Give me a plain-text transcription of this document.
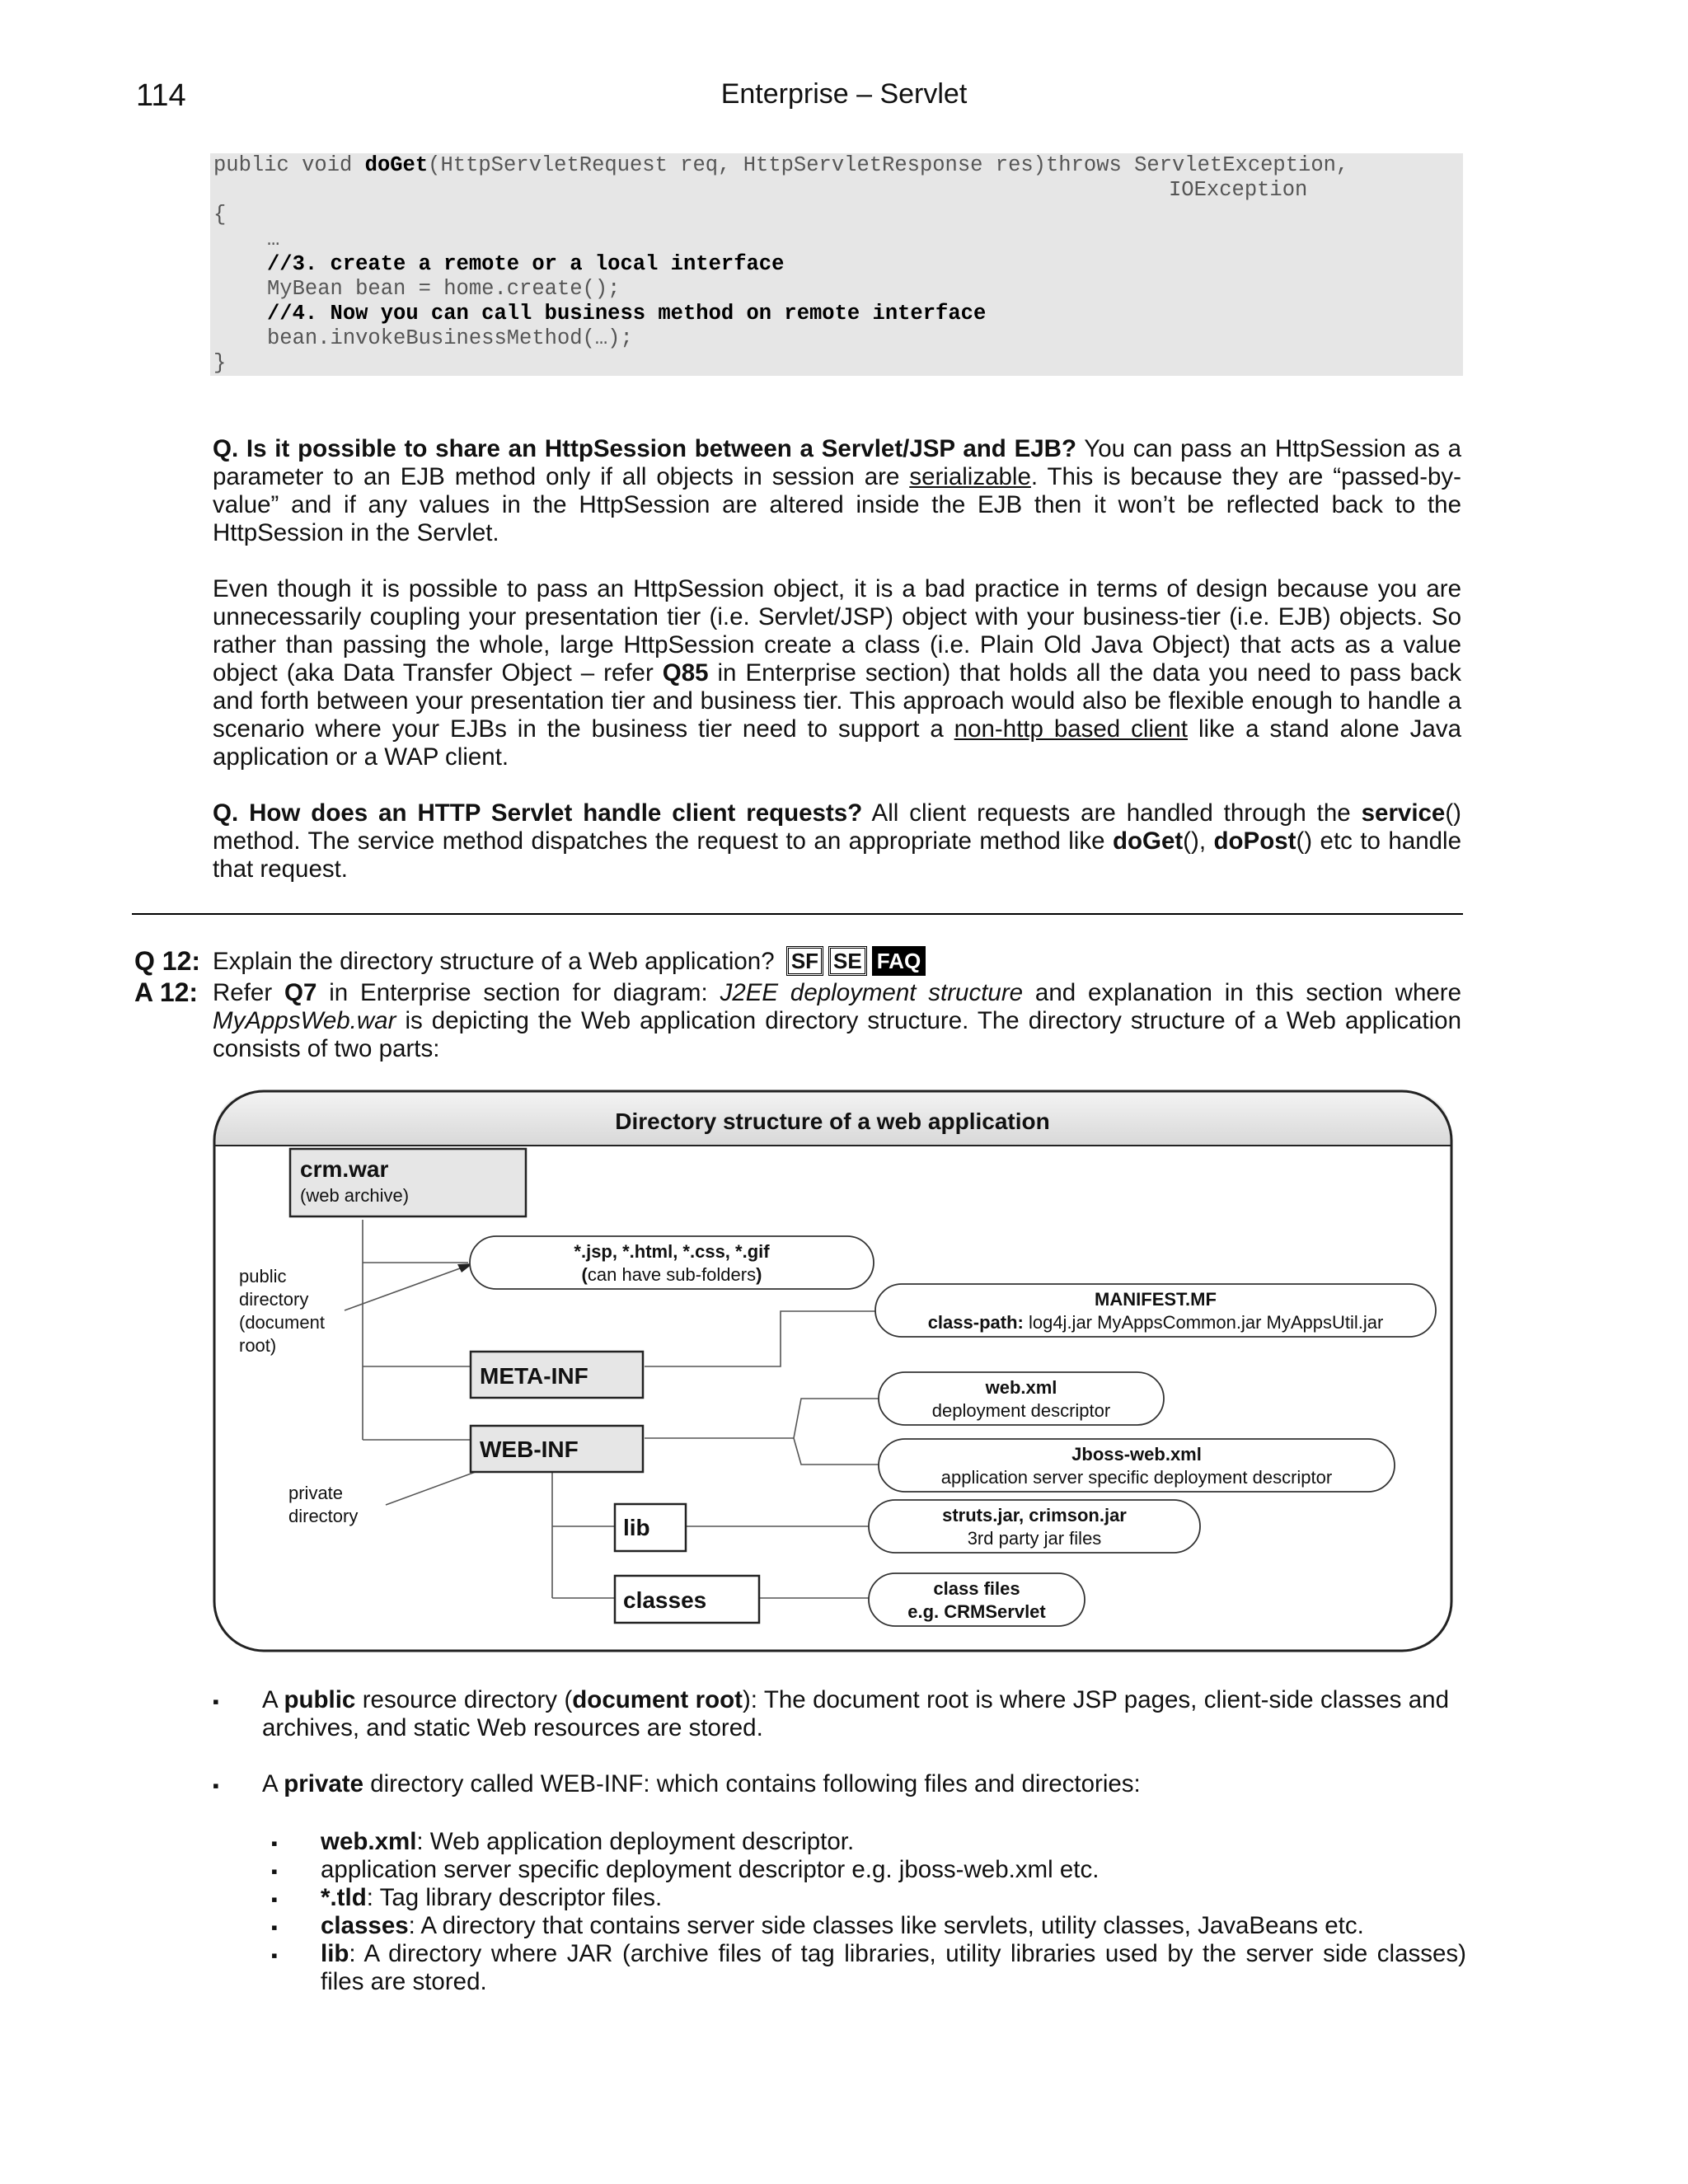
114	Enterprise – Servlet
public void doGet(HttpServletRequest req, HttpServletResponse res)throws ServletException,
IOException
{
…
//3. create a remote or a local interface
MyBean bean = home.create();
//4. Now you can call business method on remote interface
bean.invokeBusinessMethod(…);
}
Q. Is it possible to share an HttpSession between a Servlet/JSP and EJB? You can pass an HttpSession as a parameter to an EJB method only if all objects in session are serializable. This is because they are “passed-by-value” and if any values in the HttpSession are altered inside the EJB then it won’t be reflected back to the HttpSession in the Servlet.
Even though it is possible to pass an HttpSession object, it is a bad practice in terms of design because you are unnecessarily coupling your presentation tier (i.e. Servlet/JSP) object with your business-tier (i.e. EJB) objects. So rather than passing the whole, large HttpSession create a class (i.e. Plain Old Java Object) that acts as a value object (aka Data Transfer Object – refer Q85 in Enterprise section) that holds all the data you need to pass back and forth between your presentation tier and business tier. This approach would also be flexible enough to handle a scenario where your EJBs in the business tier need to support a non-http based client like a stand alone Java application or a WAP client.
Q. How does an HTTP Servlet handle client requests? All client requests are handled through the service() method. The service method dispatches the request to an appropriate method like doGet(), doPost() etc to handle that request.
Q 12: Explain the directory structure of a Web application? SF SE FAQ
A 12: Refer Q7 in Enterprise section for diagram: J2EE deployment structure and explanation in this section where MyAppsWeb.war is depicting the Web application directory structure. The directory structure of a Web application consists of two parts:
Directory structure of a web application
crm.war
(web archive)
META-INF
WEB-INF
lib
classes
public directory (document root)
private directory
*.jsp, *.html, *.css, *.gif
(can have sub-folders)
MANIFEST.MF
class-path: log4j.jar MyAppsCommon.jar MyAppsUtil.jar
web.xml
deployment descriptor
Jboss-web.xml
application server specific deployment descriptor
struts.jar, crimson.jar
3rd party jar files
class files
e.g. CRMServlet
▪ A public resource directory (document root): The document root is where JSP pages, client-side classes and archives, and static Web resources are stored.
▪ A private directory called WEB-INF: which contains following files and directories:
▪ web.xml: Web application deployment descriptor.
▪ application server specific deployment descriptor e.g. jboss-web.xml etc.
▪ *.tld: Tag library descriptor files.
▪ classes: A directory that contains server side classes like servlets, utility classes, JavaBeans etc.
▪ lib: A directory where JAR (archive files of tag libraries, utility libraries used by the server side classes) files are stored.
